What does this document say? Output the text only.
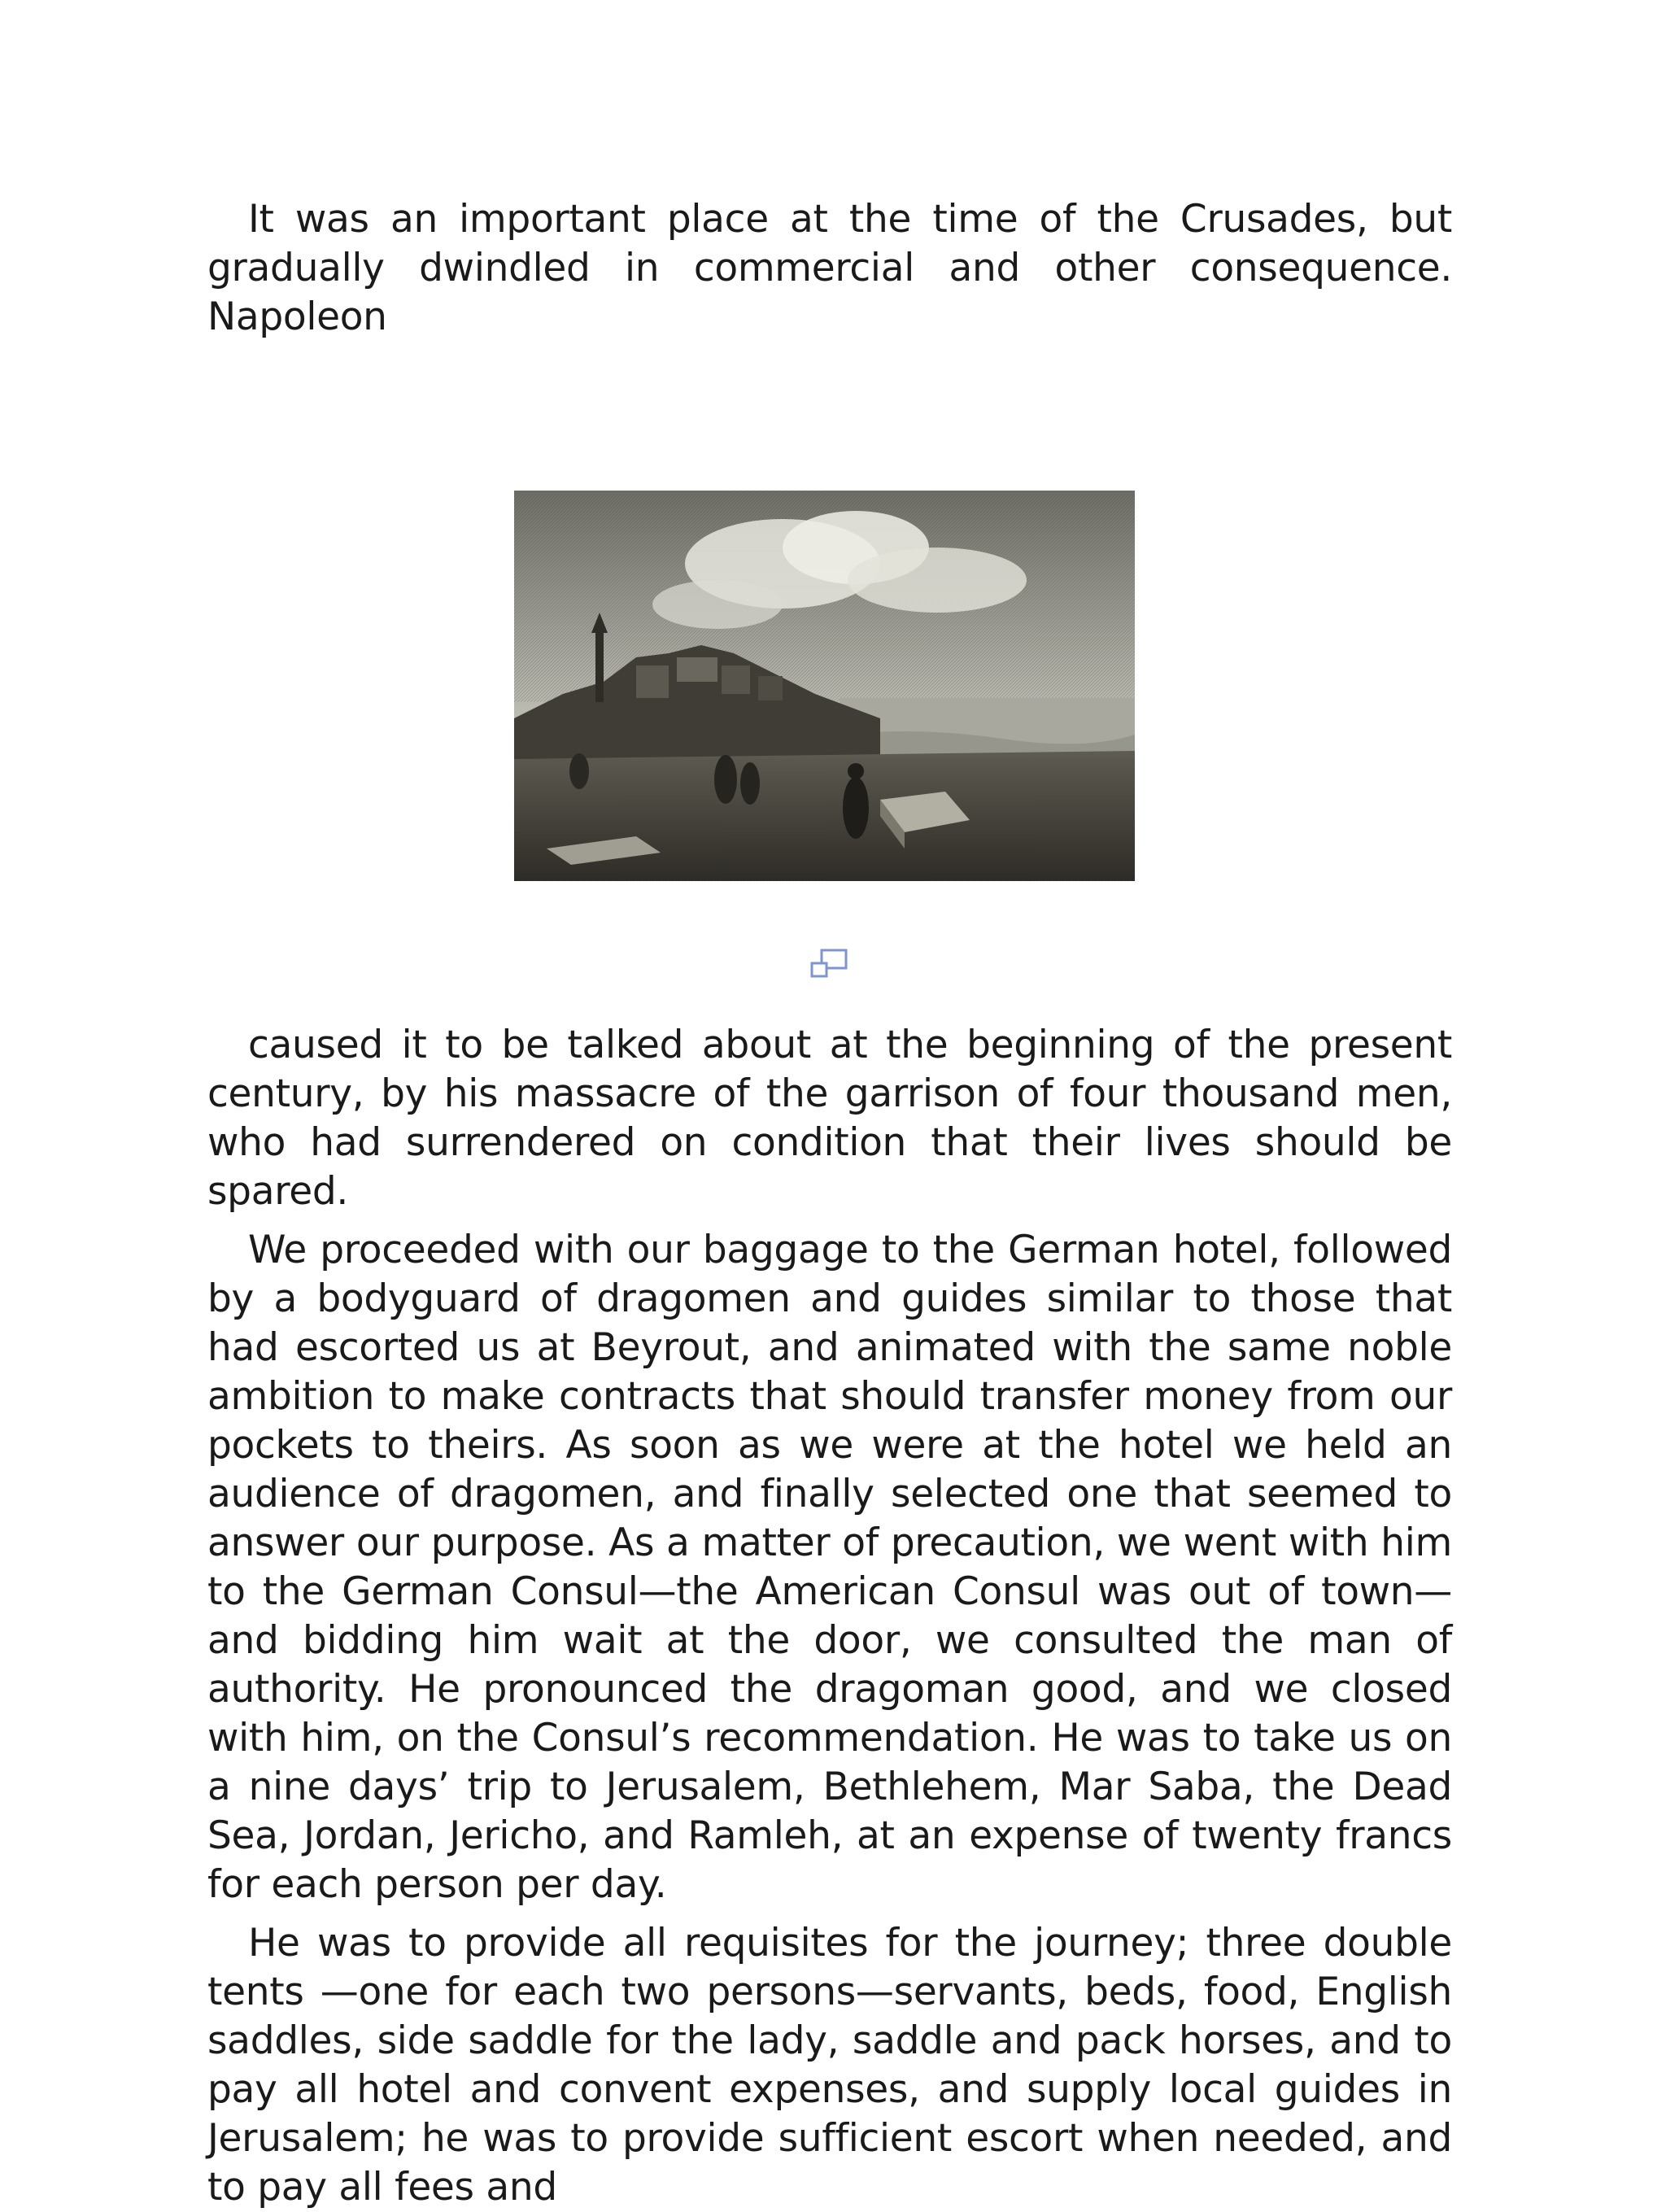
It was an important place at the time of the Crusades, but gradually dwindled in commercial and other consequence. Napoleon

caused it to be talked about at the beginning of the present century, by his massacre of the garrison of four thousand men, who had surrendered on condition that their lives should be spared.

We proceeded with our baggage to the German hotel, followed by a bodyguard of dragomen and guides similar to those that had escorted us at Beyrout, and animated with the same noble ambition to make contracts that should transfer money from our pockets to theirs. As soon as we were at the hotel we held an audience of dragomen, and finally selected one that seemed to answer our purpose. As a matter of precaution, we went with him to the German Consul—the American Consul was out of town—and bidding him wait at the door, we consulted the man of authority. He pronounced the dragoman good, and we closed with him, on the Consul’s recommendation. He was to take us on a nine days’ trip to Jerusalem, Bethlehem, Mar Saba, the Dead Sea, Jordan, Jericho, and Ramleh, at an expense of twenty francs for each person per day.

He was to provide all requisites for the journey; three double tents —one for each two persons—servants, beds, food, English saddles, side saddle for the lady, saddle and pack horses, and to pay all hotel and convent expenses, and supply local guides in Jerusalem; he was to provide sufficient escort when needed, and to pay all fees and
